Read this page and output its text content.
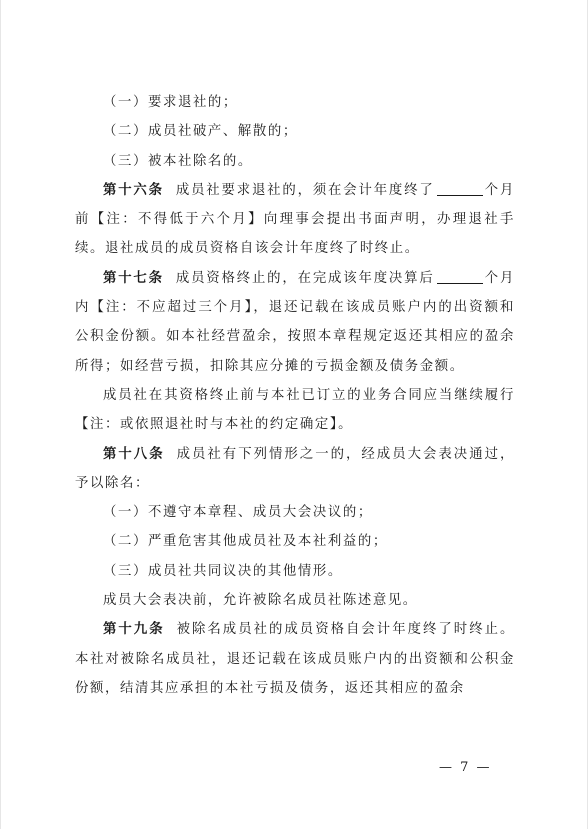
（一）要求退社的；

（二）成员社破产、解散的；

（三）被本社除名的。

第十六条 成员社要求退社的，须在会计年度终了	个月前【注：不得低于六个月】向理事会提出书面声明，办理退社手续。退社成员的成员资格自该会计年度终了时终止。

第十七条 成员资格终止的，在完成该年度决算后	个月内【注：不应超过三个月】，退还记载在该成员账户内的出资额和公积金份额。如本社经营盈余，按照本章程规定返还其相应的盈余所得；如经营亏损，扣除其应分摊的亏损金额及债务金额。

成员社在其资格终止前与本社已订立的业务合同应当继续履行【注：或依照退社时与本社的约定确定】。

第十八条 成员社有下列情形之一的，经成员大会表决通过，予以除名：

（一）不遵守本章程、成员大会决议的；

（二）严重危害其他成员社及本社利益的；

（三）成员社共同议决的其他情形。

成员大会表决前，允许被除名成员社陈述意见。

第十九条 被除名成员社的成员资格自会计年度终了时终止。本社对被除名成员社，退还记载在该成员账户内的出资额和公积金份额，结清其应承担的本社亏损及债务，返还其相应的盈余

— 7 —
